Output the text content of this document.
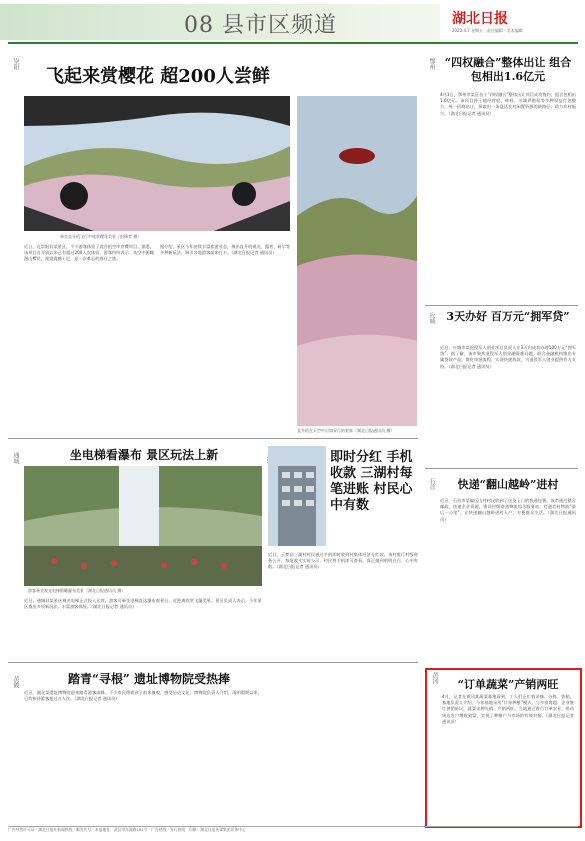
08 县市区频道	湖北日报
2023.4.7 星期五 · 责任编辑 · 美术编辑
崇阳
飞起来赏樱花 超200人尝鲜
乘坐直升机飞行中欣赏樱花美景（拍摄者 摄）
近日，在崇阳县某景区，不少游客体验了直升机空中赏樱项目。据悉，该项目自开放以来已有超过200人次体验，游客纷纷表示：从空中俯瞰漫山樱花，视觉震撼十足，是一次难忘的春日之旅。
据介绍，景区今年持续丰富旅游业态，推出直升机观光、露营、研学等多种新玩法，吸引各地游客前来打卡。（湖北日报记者 通讯员）
直升机在天空中自如穿行的景象（湖北日报通讯员 摄）
鄂州 “四权融合”整体出让 组合包相出1.6亿元
4月3日，鄂州市某区首个“四权融合”整体出让项目成功签约，组合包相出1.6亿元。该项目将土地经营权、林权、水域养殖权等多种权益打包整合，统一招商出让，探索出一条盘活农村闲置资源的新路径，助力乡村振兴。（湖北日报记者 通讯员）
应城	3天办好 百万元“拥军贷”
近日，应城市某退役军人创业项目负责人在3天内成功办理100万元“拥军贷”。据了解，该市聚焦退役军人创业融资难问题，联合金融机构推出专属贷款产品，简化审批流程，实现快速放款，为退役军人创业提供有力支持。（湖北日报记者 通讯员）
石首	快递“翻山越岭”进村
近日，石首市某偏远山村村民收到了送货上门的快递包裹。该市通过整合邮政、快递企业资源，建设村级寄递物流综合服务站，打通农村物流“最后一公里”，让快递翻山越岭进村入户，方便群众生活。（湖北日报通讯员）
黄冈	“订单蔬菜”产销两旺
4月，记者在黄冈某蔬菜基地看到，工人们正忙着采摘、分拣、装箱。基地负责人介绍，今年基地采用“订单种植”模式，与多家商超、企业签订供销协议，蔬菜未种先销，产销两旺。当地通过推行订单农业，带动周边农户增收致富，实现了种植户与市场的有效对接。（湖北日报记者 通讯员）
通城	坐电梯看瀑布 景区玩法上新
游客乘坐观光电梯俯瞰瀑布美景（湖北日报通讯员 摄）
近日，通城县某景区观光电梯正式投入运营，游客可乘坐电梯直达瀑布观景台，近距离欣赏飞瀑美景。景区负责人表示，今年景区推出多项新玩法，丰富游客体验。（湖北日报记者 通讯员）
即时分红 手机收款 三湖村每笔进账 村民心中有数
近日，云梦县三湖村村民通过手机即时收到村集体经济分红款。该村推行村级财务公开，每笔收支实时公示，村民用手机即可查看，真正做到明明白白、心中有数。（湖北日报记者 通讯员）
黄陂	踏青“寻根” 遗址博物院受热捧
近日，湖北某遗址博物院迎来踏青游客高峰，不少市民带着孩子前来参观，感受历史文化。博物院负责人介绍，清明假期以来，日均接待游客超过万人次。（湖北日报记者 通讯员）
广告经营许可证 · 湖北日报社新闻热线 · 邮发代号 · 本报地址：武汉市东湖路181号 · 广告热线 · 发行热线 · 印刷：湖北日报传媒集团印务中心
